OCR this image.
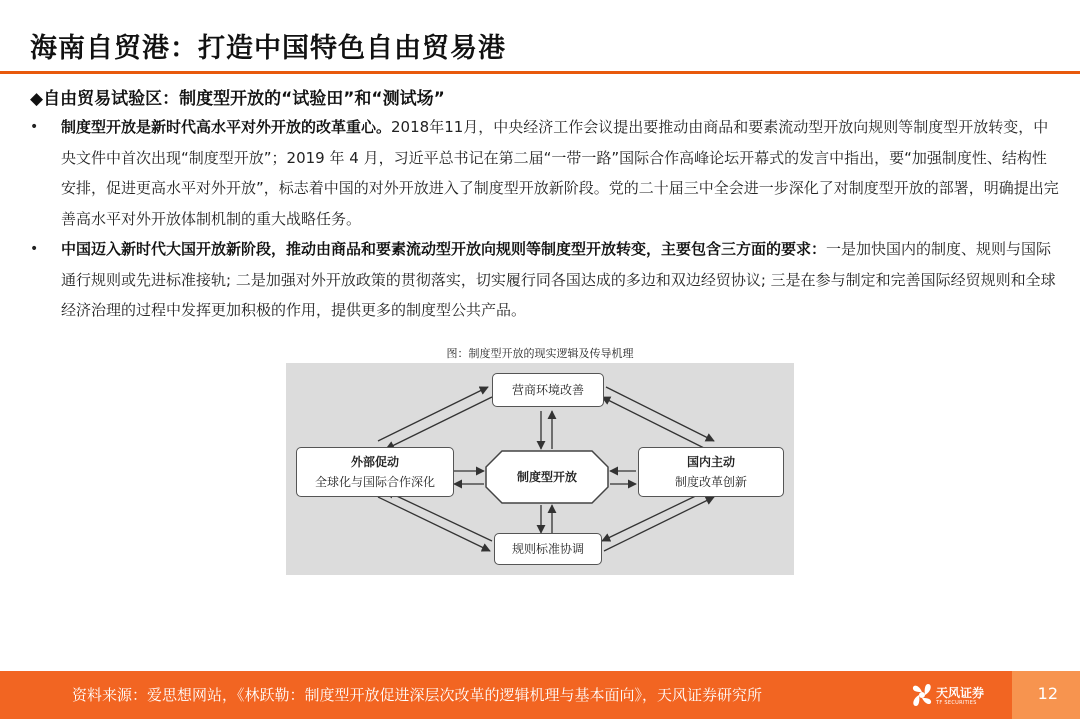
海南自贸港：打造中国特色自由贸易港
◆自由贸易试验区：制度型开放的“试验田”和“测试场”
• 制度型开放是新时代高水平对外开放的改革重心。2018年11月，中央经济工作会议提出要推动由商品和要素流动型开放向规则等制度型开放转变，中央文件中首次出现“制度型开放”；2019 年 4 月，习近平总书记在第二届“一带一路”国际合作高峰论坛开幕式的发言中指出，要“加强制度性、结构性安排，促进更高水平对外开放”，标志着中国的对外开放进入了制度型开放新阶段。党的二十届三中全会进一步深化了对制度型开放的部署，明确提出完善高水平对外开放体制机制的重大战略任务。
• 中国迈入新时代大国开放新阶段，推动由商品和要素流动型开放向规则等制度型开放转变，主要包含三方面的要求：一是加快国内的制度、规则与国际通行规则或先进标准接轨; 二是加强对外开放政策的贯彻落实，切实履行同各国达成的多边和双边经贸协议; 三是在参与制定和完善国际经贸规则和全球经济治理的过程中发挥更加积极的作用，提供更多的制度型公共产品。
图：制度型开放的现实逻辑及传导机理
营商环境改善
制度型开放
规则标准协调
外部促动
全球化与国际合作深化
国内主动
制度改革创新
资料来源：爱思想网站，《林跃勒：制度型开放促进深层次改革的逻辑机理与基本面向》，天风证券研究所	天风证券
TF SECURITIES	12
